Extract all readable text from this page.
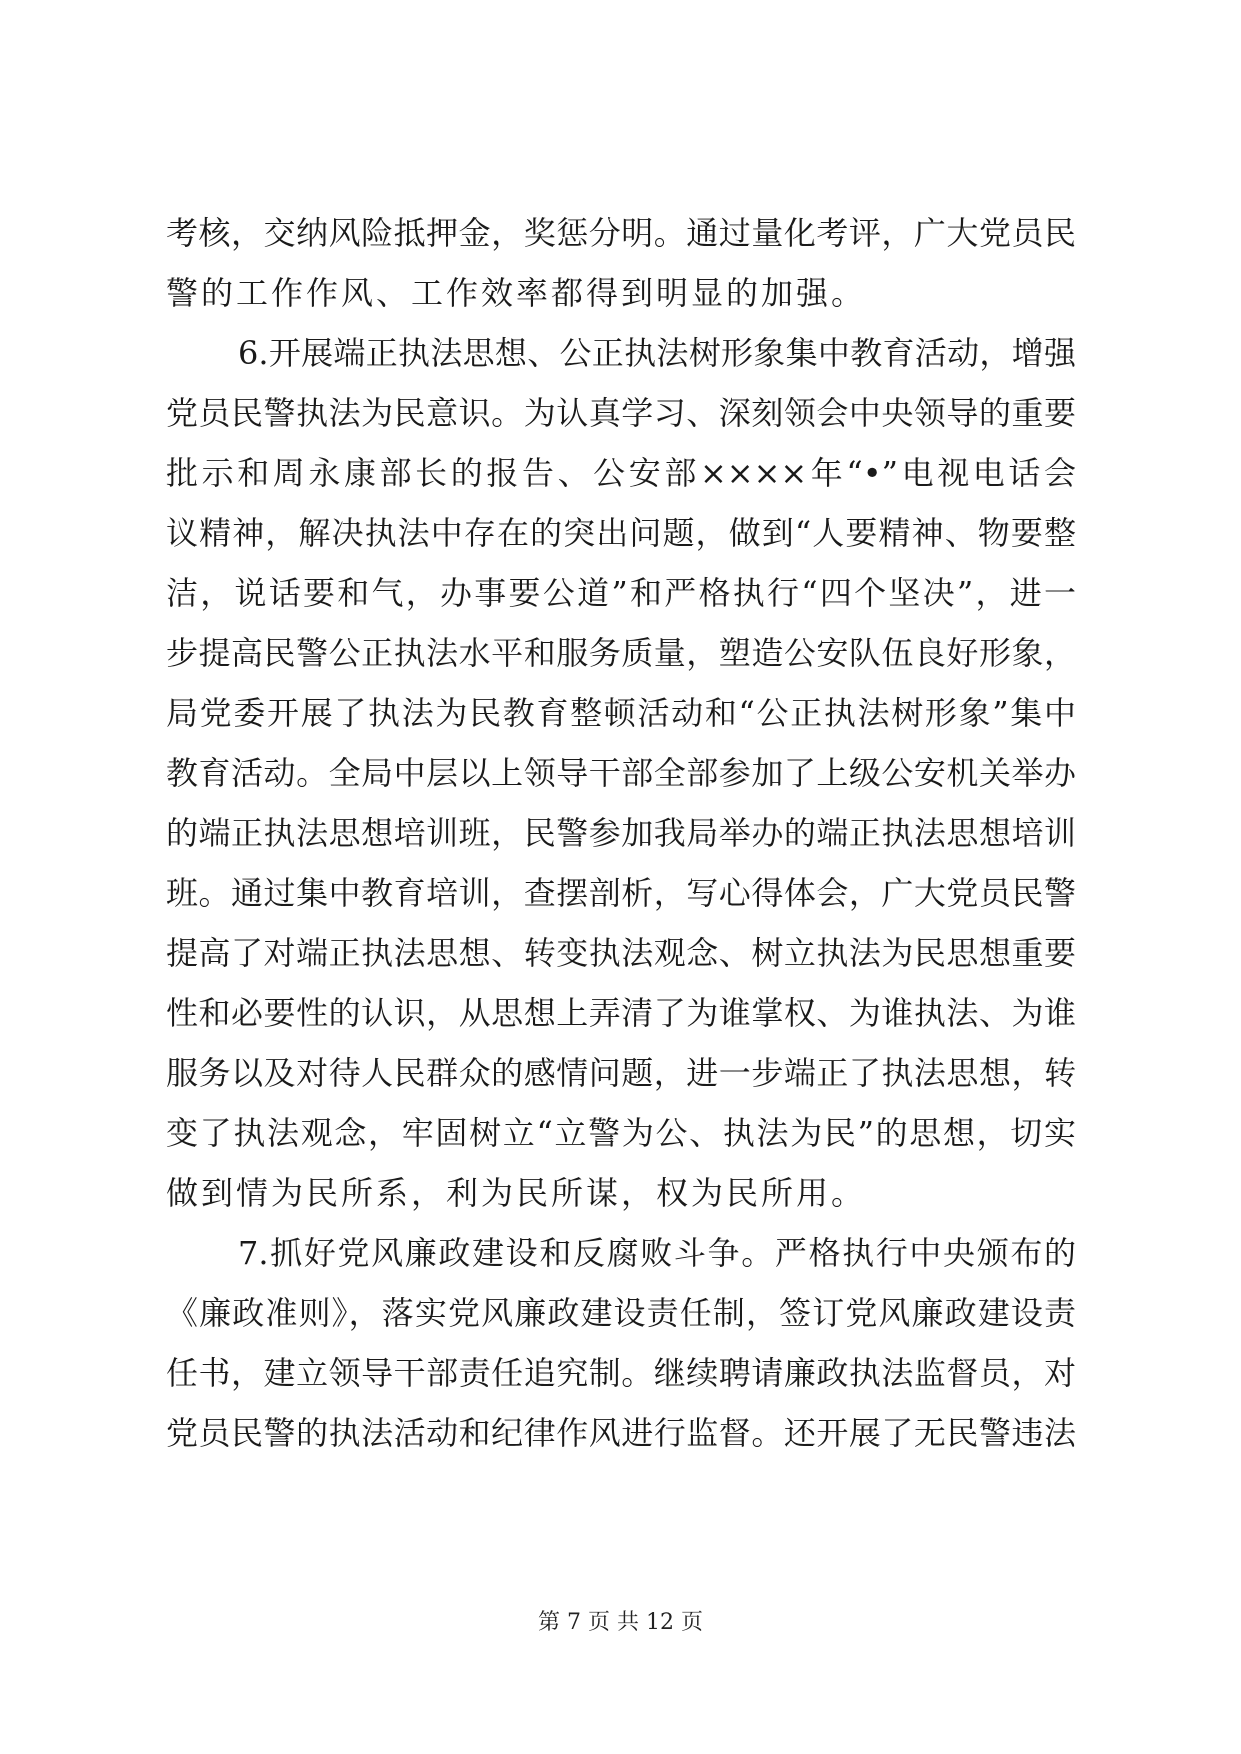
考核，交纳风险抵押金，奖惩分明。通过量化考评，广大党员民
警的工作作风、工作效率都得到明显的加强。
6.开展端正执法思想、公正执法树形象集中教育活动，增强
党员民警执法为民意识。为认真学习、深刻领会中央领导的重要
批示和周永康部长的报告、公安部××××年“•”电视电话会
议精神，解决执法中存在的突出问题，做到“人要精神、物要整
洁，说话要和气，办事要公道”和严格执行“四个坚决”，进一
步提高民警公正执法水平和服务质量，塑造公安队伍良好形象，
局党委开展了执法为民教育整顿活动和“公正执法树形象”集中
教育活动。全局中层以上领导干部全部参加了上级公安机关举办
的端正执法思想培训班，民警参加我局举办的端正执法思想培训
班。通过集中教育培训，查摆剖析，写心得体会，广大党员民警
提高了对端正执法思想、转变执法观念、树立执法为民思想重要
性和必要性的认识，从思想上弄清了为谁掌权、为谁执法、为谁
服务以及对待人民群众的感情问题，进一步端正了执法思想，转
变了执法观念，牢固树立“立警为公、执法为民”的思想，切实
做到情为民所系，利为民所谋，权为民所用。
7.抓好党风廉政建设和反腐败斗争。严格执行中央颁布的
《廉政准则》，落实党风廉政建设责任制，签订党风廉政建设责
任书，建立领导干部责任追究制。继续聘请廉政执法监督员，对
党员民警的执法活动和纪律作风进行监督。还开展了无民警违法
第 7 页 共 12 页
